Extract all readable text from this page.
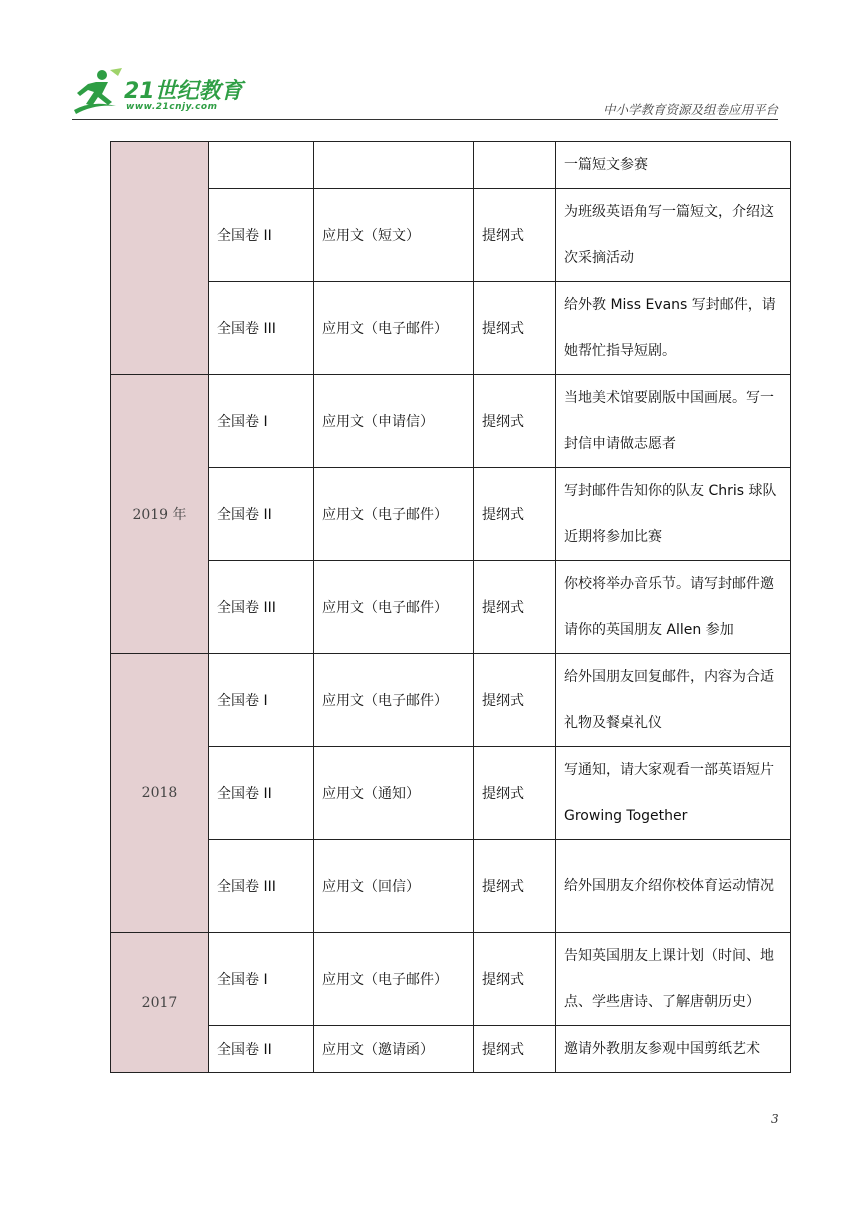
21世纪教育
www.21cnjy.com	中小学教育资源及组卷应用平台
				一篇短文参赛
	全国卷 II	应用文（短文）	提纲式	为班级英语角写一篇短文，介绍这次采摘活动
	全国卷 III	应用文（电子邮件）	提纲式	给外教 Miss Evans 写封邮件，请她帮忙指导短剧。
2019 年	全国卷 I	应用文（申请信）	提纲式	当地美术馆要剧版中国画展。写一封信申请做志愿者
	全国卷 II	应用文（电子邮件）	提纲式	写封邮件告知你的队友 Chris 球队近期将参加比赛
	全国卷 III	应用文（电子邮件）	提纲式	你校将举办音乐节。请写封邮件邀请你的英国朋友 Allen 参加
2018	全国卷 I	应用文（电子邮件）	提纲式	给外国朋友回复邮件，内容为合适礼物及餐桌礼仪
	全国卷 II	应用文（通知）	提纲式	写通知，请大家观看一部英语短片 Growing Together
	全国卷 III	应用文（回信）	提纲式	给外国朋友介绍你校体育运动情况
2017	全国卷 I	应用文（电子邮件）	提纲式	告知英国朋友上课计划（时间、地点、学些唐诗、了解唐朝历史）
	全国卷 II	应用文（邀请函）	提纲式	邀请外教朋友参观中国剪纸艺术
3
